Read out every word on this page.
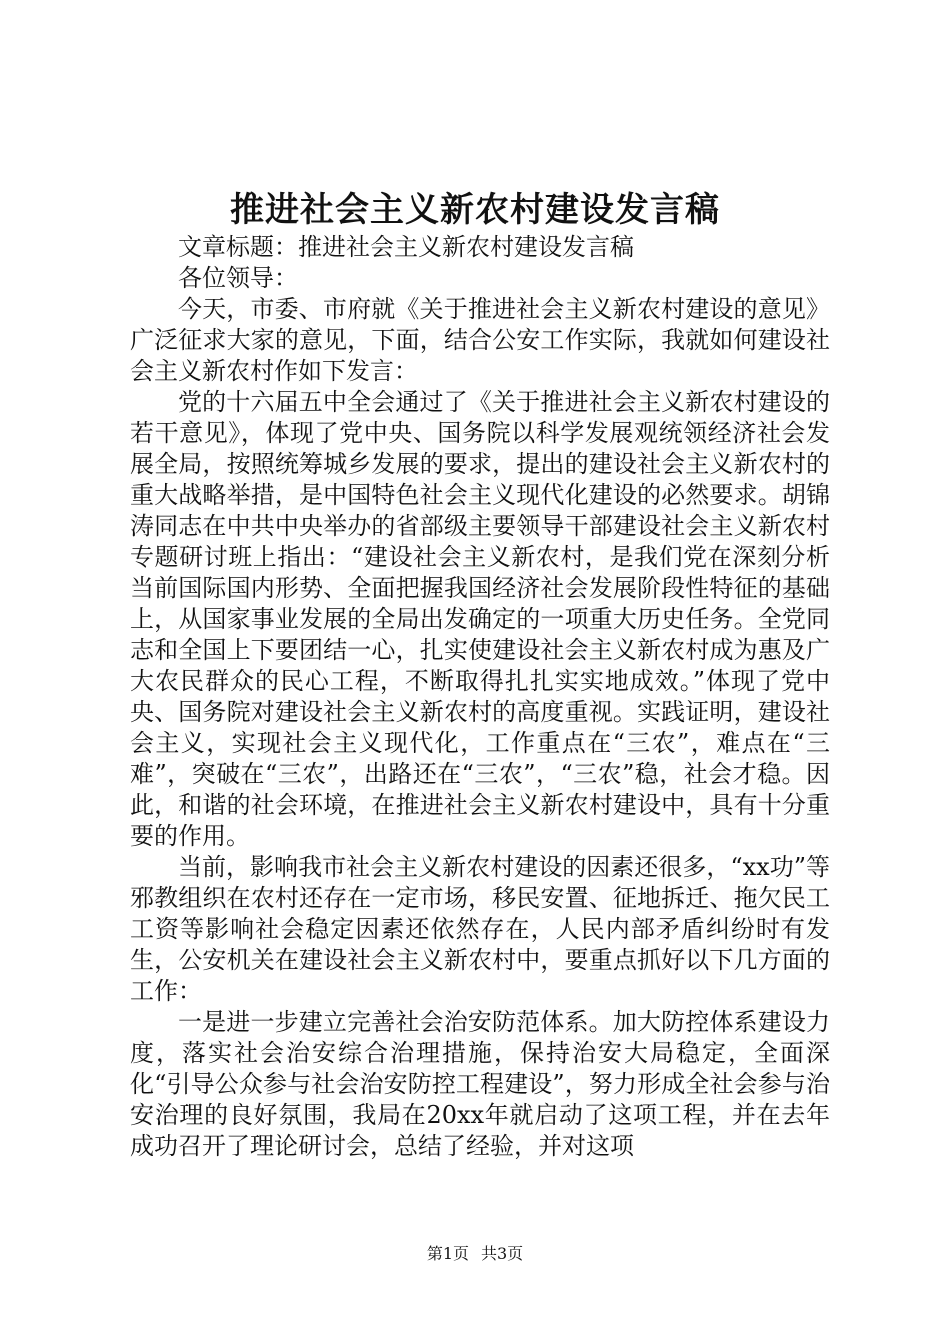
推进社会主义新农村建设发言稿

文章标题：推进社会主义新农村建设发言稿

各位领导：

今天，市委、市府就《关于推进社会主义新农村建设的意见》广泛征求大家的意见，下面，结合公安工作实际，我就如何建设社会主义新农村作如下发言：

党的十六届五中全会通过了《关于推进社会主义新农村建设的若干意见》，体现了党中央、国务院以科学发展观统领经济社会发展全局，按照统筹城乡发展的要求，提出的建设社会主义新农村的重大战略举措，是中国特色社会主义现代化建设的必然要求。胡锦涛同志在中共中央举办的省部级主要领导干部建设社会主义新农村专题研讨班上指出：“建设社会主义新农村，是我们党在深刻分析当前国际国内形势、全面把握我国经济社会发展阶段性特征的基础上，从国家事业发展的全局出发确定的一项重大历史任务。全党同志和全国上下要团结一心，扎实使建设社会主义新农村成为惠及广大农民群众的民心工程，不断取得扎扎实实地成效。”体现了党中央、国务院对建设社会主义新农村的高度重视。实践证明，建设社会主义，实现社会主义现代化，工作重点在“三农”，难点在“三难”，突破在“三农”，出路还在“三农”，“三农”稳，社会才稳。因此，和谐的社会环境，在推进社会主义新农村建设中，具有十分重要的作用。

当前，影响我市社会主义新农村建设的因素还很多，“xx功”等邪教组织在农村还存在一定市场，移民安置、征地拆迁、拖欠民工工资等影响社会稳定因素还依然存在，人民内部矛盾纠纷时有发生，公安机关在建设社会主义新农村中，要重点抓好以下几方面的工作：

一是进一步建立完善社会治安防范体系。加大防控体系建设力度，落实社会治安综合治理措施，保持治安大局稳定，全面深化“引导公众参与社会治安防控工程建设”，努力形成全社会参与治安治理的良好氛围，我局在20xx年就启动了这项工程，并在去年成功召开了理论研讨会，总结了经验，并对这项

第1页 共3页
